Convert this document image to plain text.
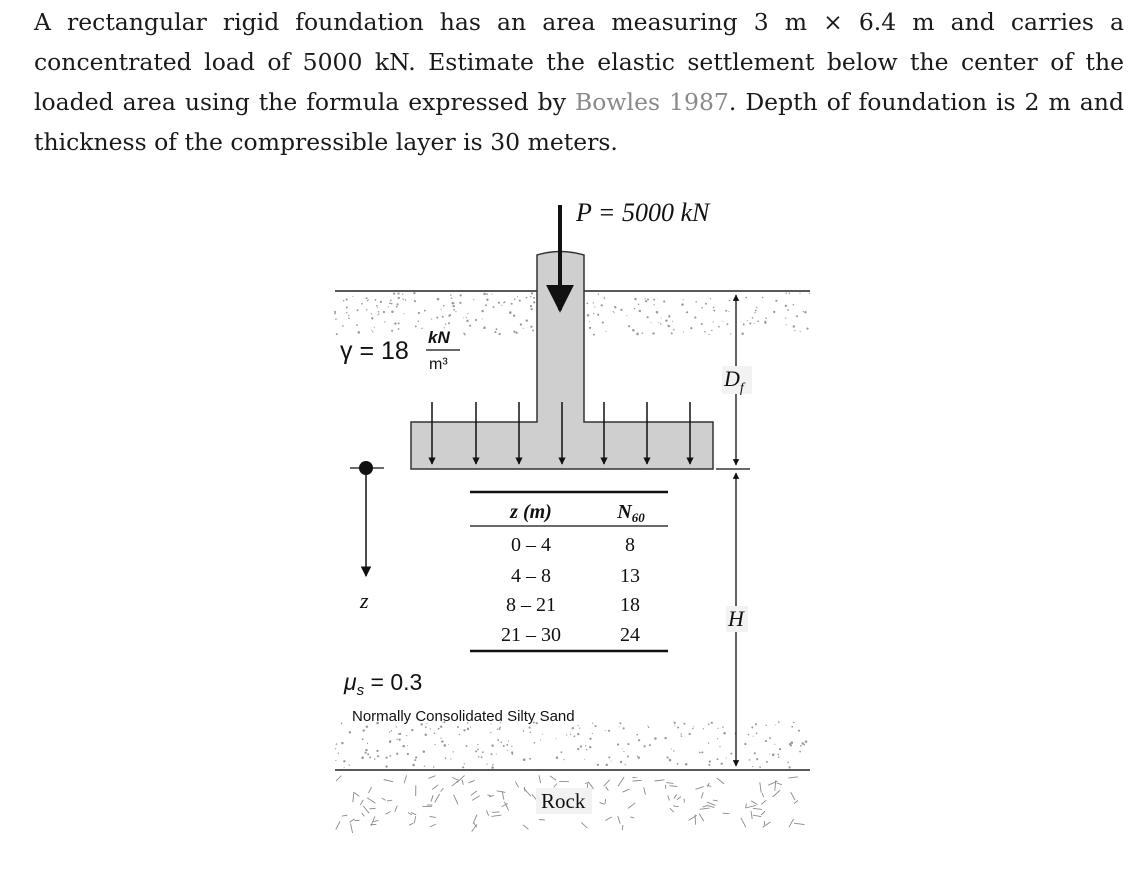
A rectangular rigid foundation has an area measuring 3 m × 6.4 m and carries a concentrated load of 5000 kN. Estimate the elastic settlement below the center of the loaded area using the formula expressed by Bowles 1987. Depth of foundation is 2 m and thickness of the compressible layer is 30 meters.
P = 5000 kN
γ = 18 kN
m³
$D_f$
H
z
z (m)	$N_{60}$
0 – 4	8
4 – 8	13
8 – 21	18
21 – 30	24
$\mu_s = 0.3$
Normally Consolidated Silty Sand
Rock
